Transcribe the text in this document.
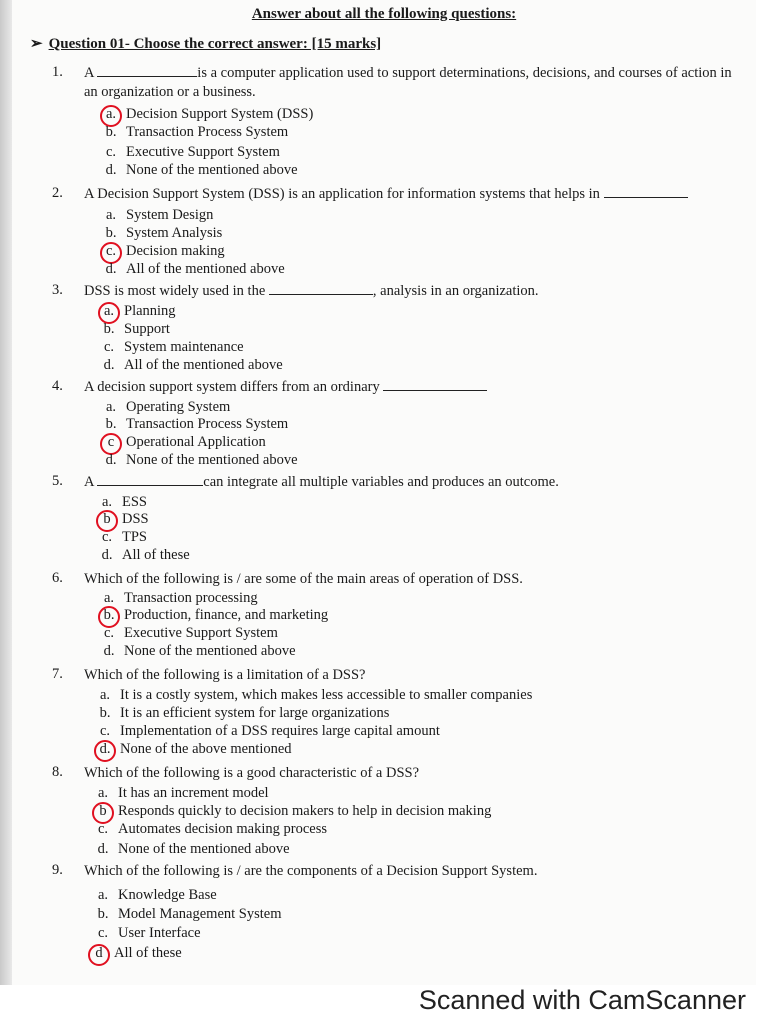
Answer about all the following questions:
➢ Question 01- Choose the correct answer: [15 marks]
1. A	is a computer application used to support determinations, decisions, and courses of action in an organization or a business.
a. Decision Support System (DSS)
b. Transaction Process System
c. Executive Support System
d. None of the mentioned above
2. A Decision Support System (DSS) is an application for information systems that helps in
a. System Design
b. System Analysis
c. Decision making
d. All of the mentioned above
3. DSS is most widely used in the	, analysis in an organization.
a. Planning
b. Support
c. System maintenance
d. All of the mentioned above
4. A decision support system differs from an ordinary
a. Operating System
b. Transaction Process System
c Operational Application
d. None of the mentioned above
5. A	can integrate all multiple variables and produces an outcome.
a. ESS
b DSS
c. TPS
d. All of these
6. Which of the following is / are some of the main areas of operation of DSS.
a. Transaction processing
b. Production, finance, and marketing
c. Executive Support System
d. None of the mentioned above
7. Which of the following is a limitation of a DSS?
a. It is a costly system, which makes less accessible to smaller companies
b. It is an efficient system for large organizations
c. Implementation of a DSS requires large capital amount
d. None of the above mentioned
8. Which of the following is a good characteristic of a DSS?
a. It has an increment model
b Responds quickly to decision makers to help in decision making
c. Automates decision making process
d. None of the mentioned above
9. Which of the following is / are the components of a Decision Support System.
a. Knowledge Base
b. Model Management System
c. User Interface
d All of these
Scanned with CamScanner
